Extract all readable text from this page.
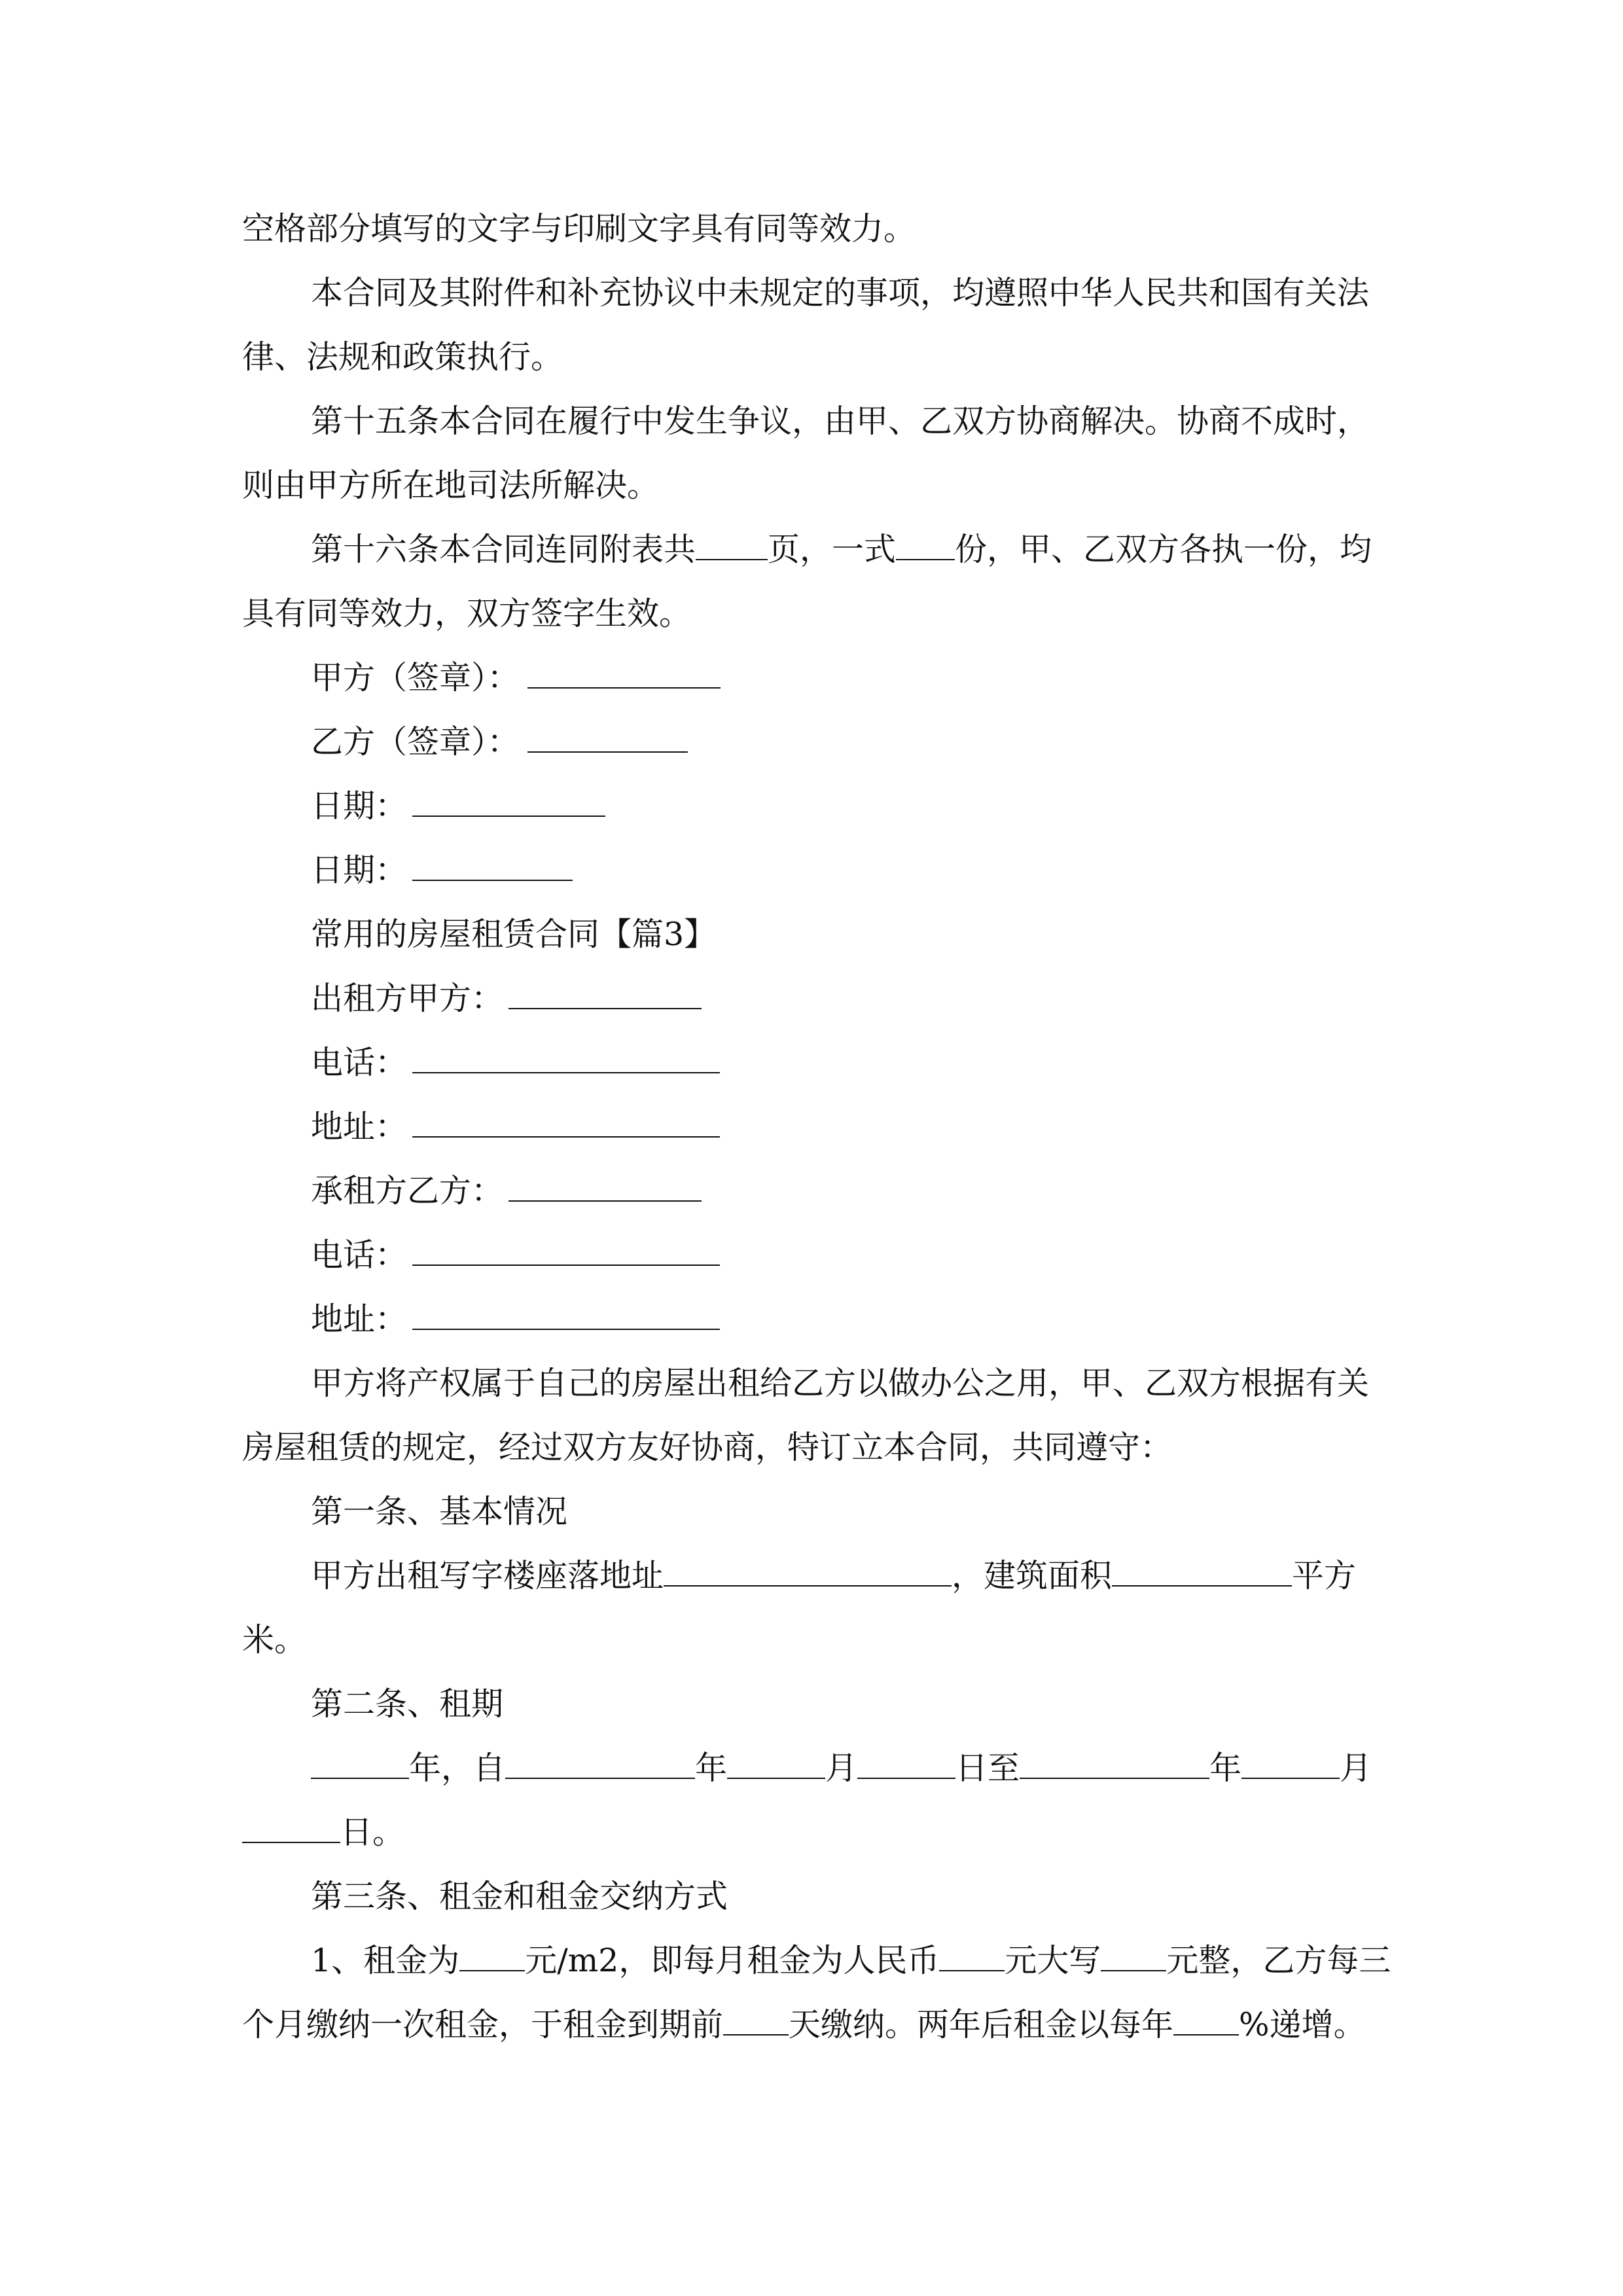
空格部分填写的文字与印刷文字具有同等效力。

本合同及其附件和补充协议中未规定的事项，均遵照中华人民共和国有关法

律、法规和政策执行。

第十五条本合同在履行中发生争议，由甲、乙双方协商解决。协商不成时，

则由甲方所在地司法所解决。

第十六条本合同连同附表共 页，一式 份，甲、乙双方各执一份，均

具有同等效力，双方签字生效。

甲方（签章）：

乙方（签章）：

日期：

日期：

常用的房屋租赁合同【篇3】

出租方甲方：

电话：

地址：

承租方乙方：

电话：

地址：

甲方将产权属于自己的房屋出租给乙方以做办公之用，甲、乙双方根据有关

房屋租赁的规定，经过双方友好协商，特订立本合同，共同遵守：

第一条、基本情况

甲方出租写字楼座落地址	，建筑面积	平方

米。

第二条、租期

年，自	年	月	日至	年	月

日。

第三条、租金和租金交纳方式

1、租金为 元/m2，即每月租金为人民币 元大写 元整，乙方每三

个月缴纳一次租金，于租金到期前 天缴纳。两年后租金以每年 %递增。
